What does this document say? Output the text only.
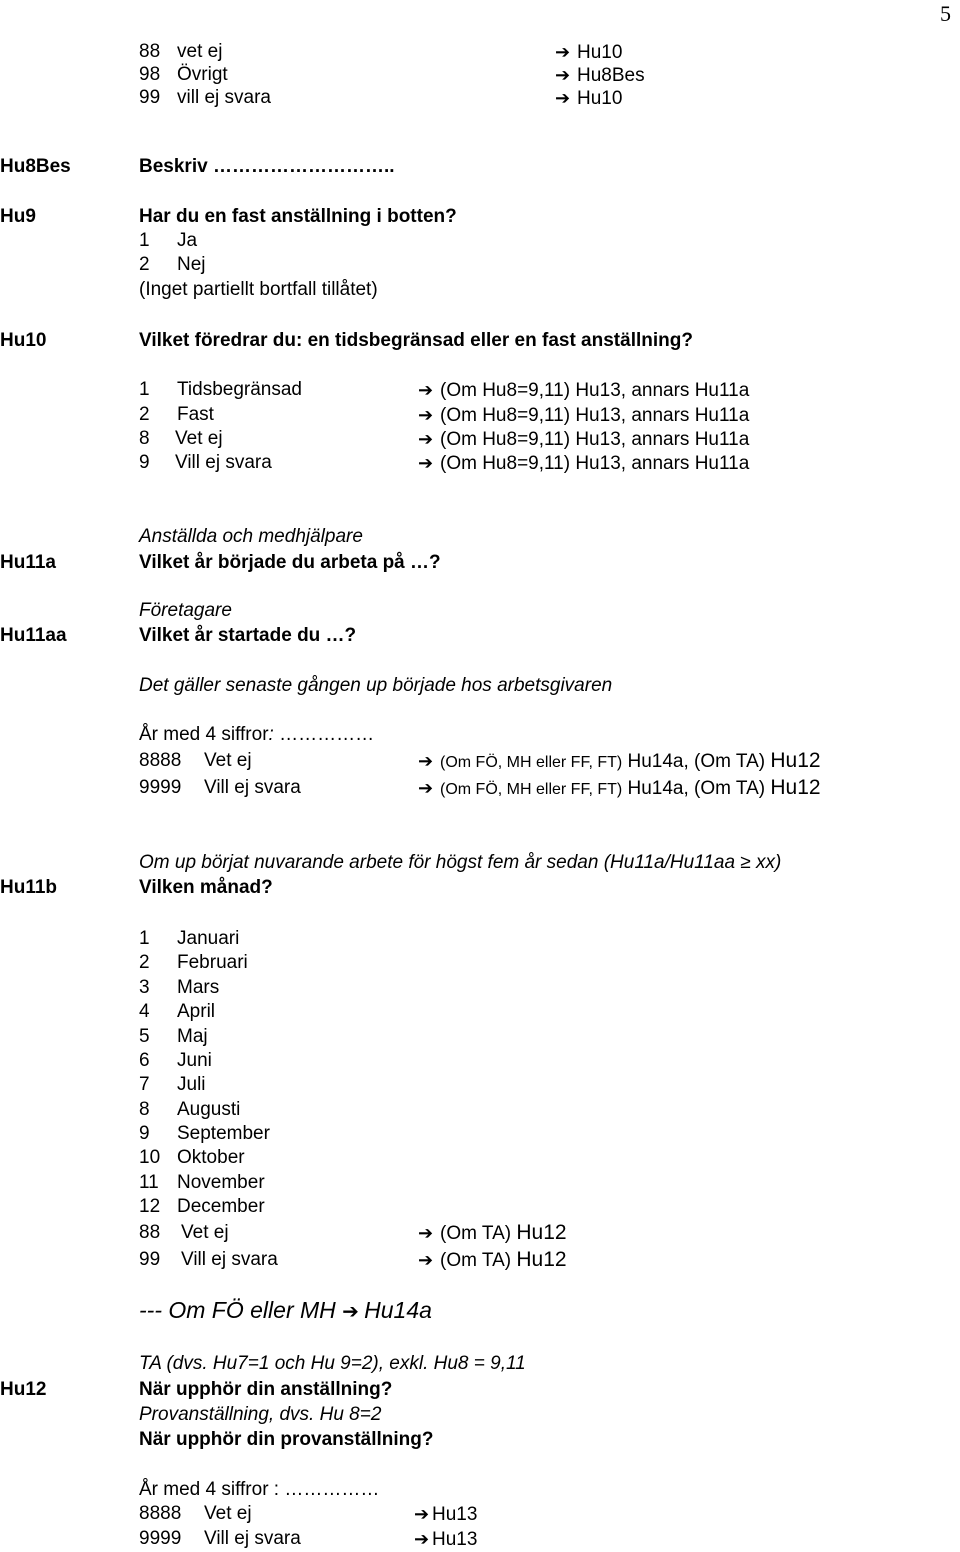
5
88 vet ej	➔ Hu10
98 Övrigt	➔ Hu8Bes
99 vill ej svara	➔ Hu10
Hu8Bes	Beskriv ………………………..
Hu9	Har du en fast anställning i botten?
1 Ja
2 Nej
(Inget partiellt bortfall tillåtet)
Hu10	Vilket föredrar du: en tidsbegränsad eller en fast anställning?
1 Tidsbegränsad	➔ (Om Hu8=9,11) Hu13, annars Hu11a
2 Fast	➔ (Om Hu8=9,11) Hu13, annars Hu11a
8 Vet ej	➔ (Om Hu8=9,11) Hu13, annars Hu11a
9 Vill ej svara	➔ (Om Hu8=9,11) Hu13, annars Hu11a
Anställda och medhjälpare
Hu11a	Vilket år började du arbeta på …?
Företagare
Hu11aa	Vilket år startade du …?
Det gäller senaste gången up började hos arbetsgivaren
År med 4 siffror: ……………
8888 Vet ej	➔ (Om FÖ, MH eller FF, FT) Hu14a, (Om TA) Hu12
9999 Vill ej svara	➔ (Om FÖ, MH eller FF, FT) Hu14a, (Om TA) Hu12
Om up börjat nuvarande arbete för högst fem år sedan (Hu11a/Hu11aa ≥ xx)
Hu11b	Vilken månad?
1 Januari
2 Februari
3 Mars
4 April
5 Maj
6 Juni
7 Juli
8 Augusti
9 September
10 Oktober
11 November
12 December
88 Vet ej	➔ (Om TA) Hu12
99 Vill ej svara	➔ (Om TA) Hu12
--- Om FÖ eller MH ➔ Hu14a
TA (dvs. Hu7=1 och Hu 9=2), exkl. Hu8 = 9,11
Hu12	När upphör din anställning?
Provanställning, dvs. Hu 8=2
När upphör din provanställning?
År med 4 siffror : ……………
8888 Vet ej	➔ Hu13
9999 Vill ej svara	➔ Hu13
